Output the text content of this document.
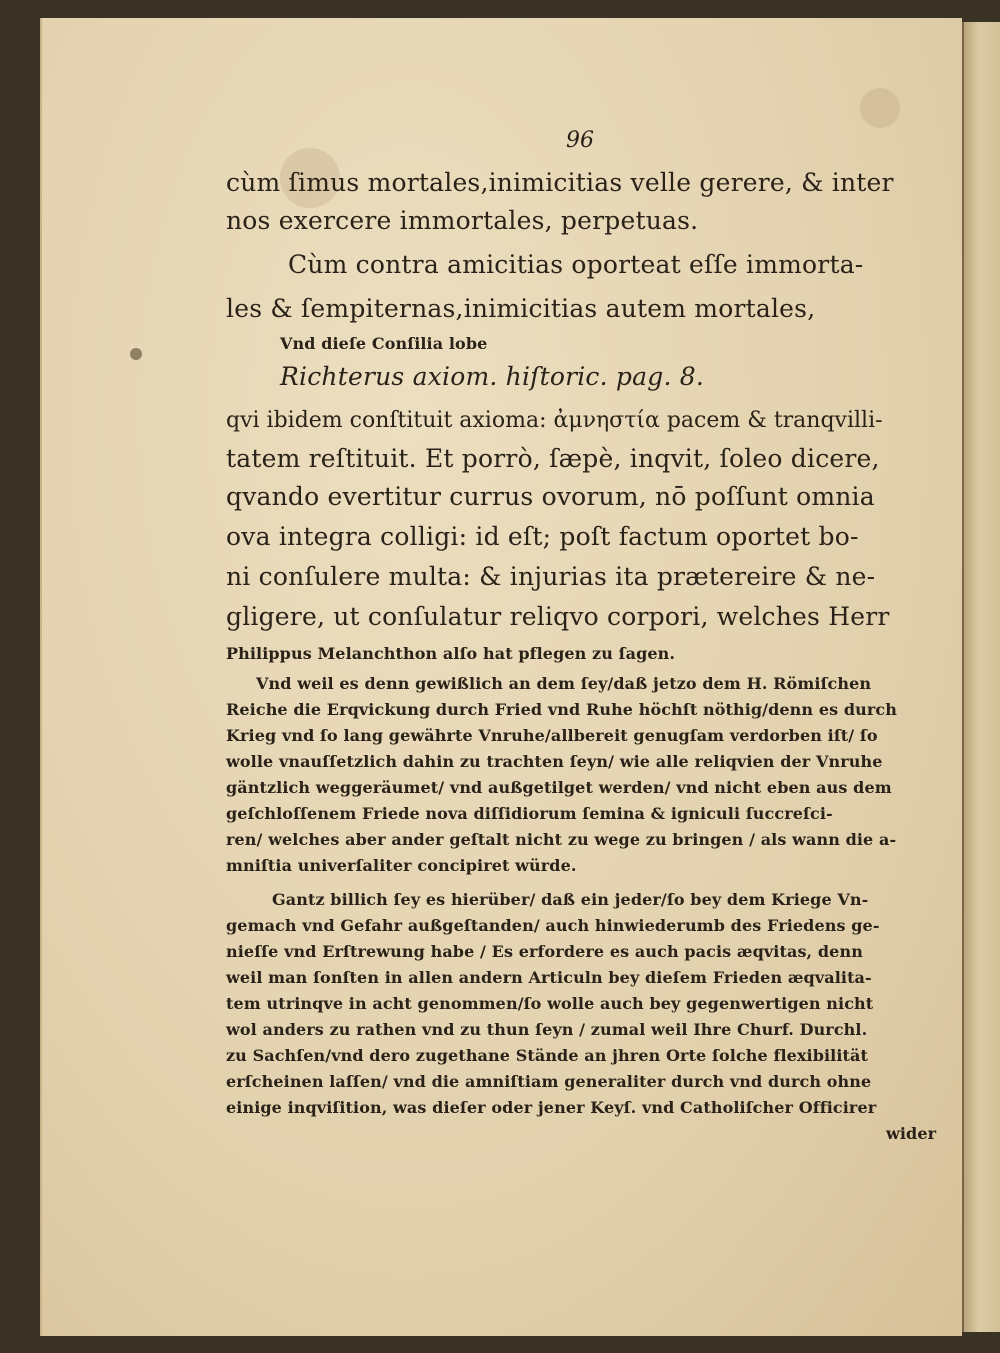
96
cùm ſimus mortales,inimicitias velle gerere, & inter
nos exercere immortales, perpetuas.
Cùm contra amicitias oporteat eſſe immorta-
les & ſempiternas,inimicitias autem mortales,
Vnd dieſe Conſilia lobe
Richterus axiom. hiſtoric. pag. 8.
qvi ibidem conſtituit axioma: ἀμνηστία pacem & tranqvilli-
tatem reſtituit. Et porrò, ſæpè, inqvit, ſoleo dicere,
qvando evertitur currus ovorum, nō poſſunt omnia
ova integra colligi: id eſt; poſt factum oportet bo-
ni conſulere multa: & injurias ita prætereire & ne-
gligere, ut conſulatur reliqvo corpori, welches Herr
Philippus Melanchthon alſo hat pflegen zu ſagen.
Vnd weil es denn gewißlich an dem ſey/daß jetzo dem H. Römiſchen
Reiche die Erqvickung durch Fried vnd Ruhe höchſt nöthig/denn es durch
Krieg vnd ſo lang gewährte Vnruhe/allbereit genugſam verdorben iſt/ ſo
wolle vnauſſetzlich dahin zu trachten ſeyn/ wie alle reliqvien der Vnruhe
gäntzlich weggeräumet/ vnd außgetilget werden/ vnd nicht eben aus dem
geſchloſſenem Friede nova diſſidiorum ſemina & igniculi ſuccreſci-
ren/ welches aber ander geſtalt nicht zu wege zu bringen / als wann die a-
mniſtia univerſaliter concipiret würde.
Gantz billich ſey es hierüber/ daß ein jeder/ſo bey dem Kriege Vn-
gemach vnd Gefahr außgeſtanden/ auch hinwiederumb des Friedens ge-
nieſſe vnd Erſtrewung habe / Es erfordere es auch pacis æqvitas, denn
weil man ſonſten in allen andern Articuln bey dieſem Frieden æqvalita-
tem utrinqve in acht genommen/ſo wolle auch bey gegenwertigen nicht
wol anders zu rathen vnd zu thun ſeyn / zumal weil Ihre Churf. Durchl.
zu Sachſen/vnd dero zugethane Stände an jhren Orte ſolche flexibilität
erſcheinen laſſen/ vnd die amniſtiam generaliter durch vnd durch ohne
einige inqviſition, was dieſer oder jener Keyſ. vnd Catholiſcher Officirer
wider
